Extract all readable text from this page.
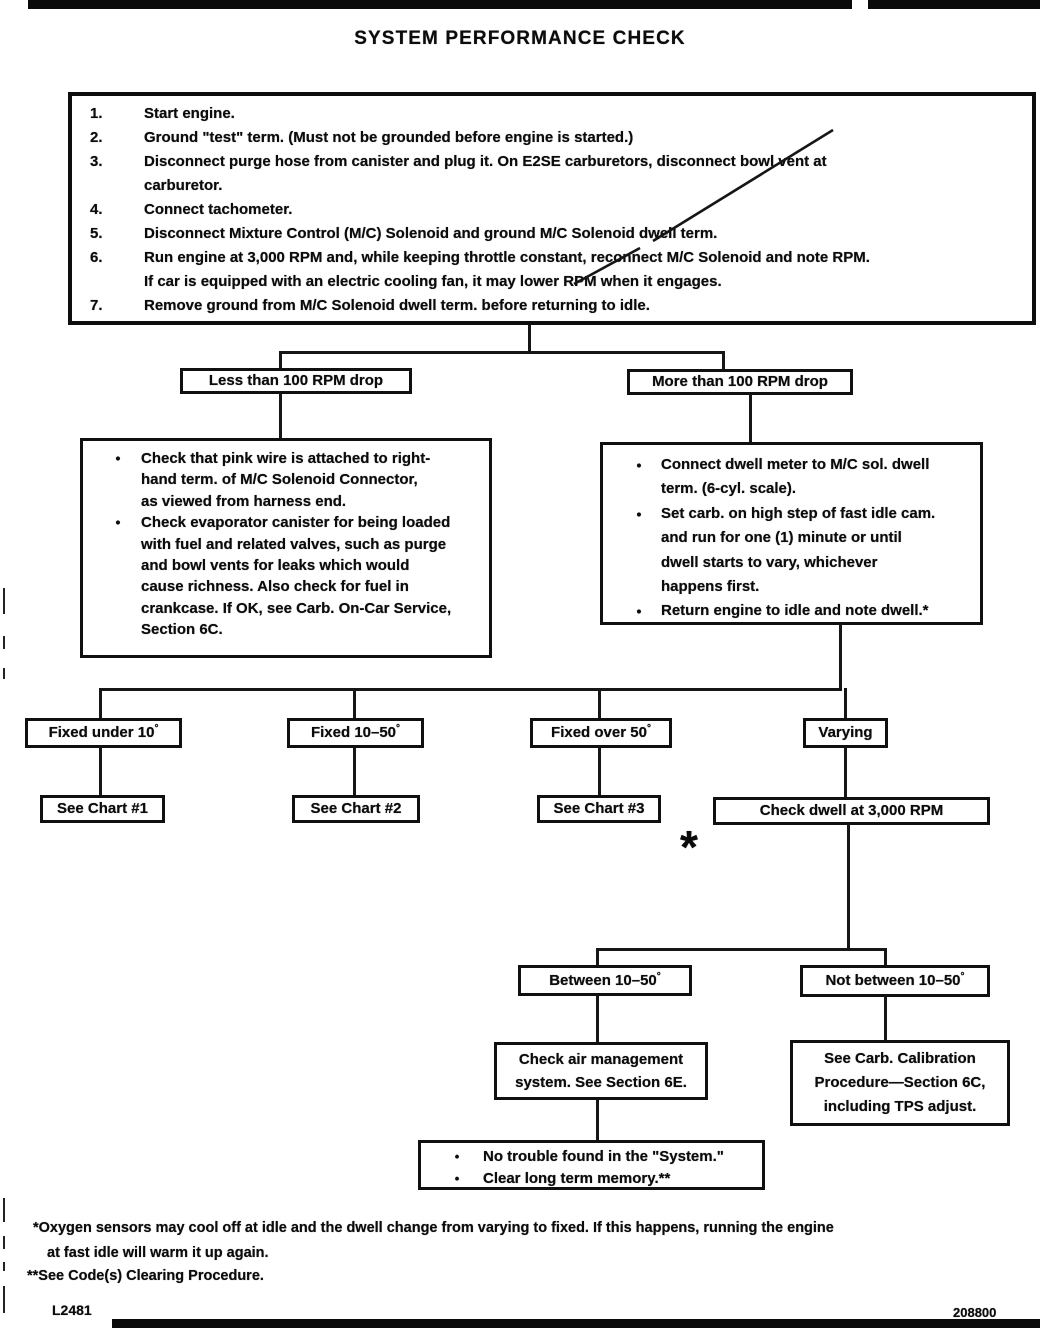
SYSTEM PERFORMANCE CHECK
1.	Start engine.
2.	Ground "test" term. (Must not be grounded before engine is started.)
3.	Disconnect purge hose from canister and plug it. On E2SE carburetors, disconnect bowl vent at
carburetor.
4.	Connect tachometer.
5.	Disconnect Mixture Control (M/C) Solenoid and ground M/C Solenoid dwell term.
6.	Run engine at 3,000 RPM and, while keeping throttle constant, reconnect M/C Solenoid and note RPM.
If car is equipped with an electric cooling fan, it may lower RPM when it engages.
7.	Remove ground from M/C Solenoid dwell term. before returning to idle.
Less than 100 RPM drop	More than 100 RPM drop
•	Check that pink wire is attached to right-
hand term. of M/C Solenoid Connector,
as viewed from harness end.
•	Check evaporator canister for being loaded
with fuel and related valves, such as purge
and bowl vents for leaks which would
cause richness. Also check for fuel in
crankcase. If OK, see Carb. On-Car Service,
Section 6C.
•	Connect dwell meter to M/C sol. dwell
term. (6-cyl. scale).
•	Set carb. on high step of fast idle cam.
and run for one (1) minute or until
dwell starts to vary, whichever
happens first.
•	Return engine to idle and note dwell.*
Fixed under 10°	Fixed 10–50°	Fixed over 50°	Varying
See Chart #1	See Chart #2	See Chart #3	Check dwell at 3,000 RPM
*
Between 10–50°	Not between 10–50°
Check air management
system. See Section 6E.
See Carb. Calibration
Procedure—Section 6C,
including TPS adjust.
•	No trouble found in the "System."
•	Clear long term memory.**
*Oxygen sensors may cool off at idle and the dwell change from varying to fixed. If this happens, running the engine
at fast idle will warm it up again.
**See Code(s) Clearing Procedure.
L2481	208800
